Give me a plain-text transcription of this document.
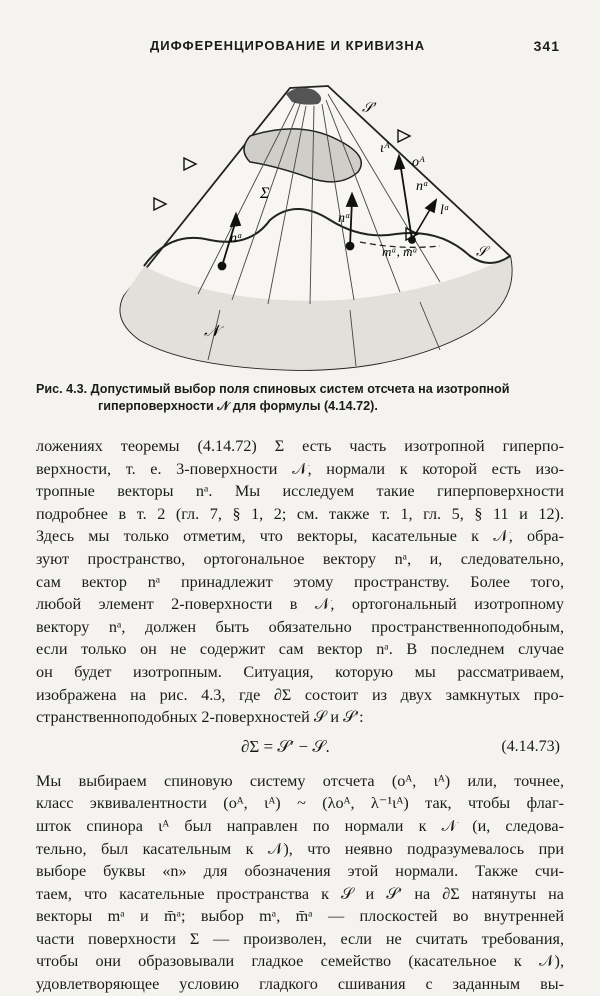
ДИФФЕРЕНЦИРОВАНИЕ И КРИВИЗНА	341
𝒮′
ιᴬ
oᴬ
nᵃ
lᵃ
Σ
nᵃ
nᵃ
mᵃ, m̄ᵃ	𝒮
𝒩
Рис. 4.3. Допустимый выбор поля спиновых систем отсчета на изотропной
гиперповерхности 𝒩 для формулы (4.14.72).

ложениях теоремы (4.14.72) Σ есть часть изотропной гиперпо-
верхности, т. е. 3-поверхности 𝒩, нормали к которой есть изо-
тропные векторы nᵃ. Мы исследуем такие гиперповерхности
подробнее в т. 2 (гл. 7, § 1, 2; см. также т. 1, гл. 5, § 11 и 12).
Здесь мы только отметим, что векторы, касательные к 𝒩, обра-
зуют пространство, ортогональное вектору nᵃ, и, следовательно,
сам вектор nᵃ принадлежит этому пространству. Более того,
любой элемент 2-поверхности в 𝒩, ортогональный изотропному
вектору nᵃ, должен быть обязательно пространственноподобным,
если только он не содержит сам вектор nᵃ. В последнем случае
он будет изотропным. Ситуация, которую мы рассматриваем,
изображена на рис. 4.3, где ∂Σ состоит из двух замкнутых про-
странственноподобных 2-поверхностей 𝒮 и 𝒮′:

∂Σ = 𝒮′ − 𝒮.	(4.14.73)

Мы выбираем спиновую систему отсчета (oᴬ, ιᴬ) или, точнее,
класс эквивалентности (oᴬ, ιᴬ) ~ (λoᴬ, λ⁻¹ιᴬ) так, чтобы флаг-
шток спинора ιᴬ был направлен по нормали к 𝒩 (и, следова-
тельно, был касательным к 𝒩), что неявно подразумевалось при
выборе буквы «n» для обозначения этой нормали. Также счи-
таем, что касательные пространства к 𝒮 и 𝒮′ на ∂Σ натянуты на
векторы mᵃ и m̄ᵃ; выбор mᵃ, m̄ᵃ — плоскостей во внутренней
части поверхности Σ — произволен, если не считать требования,
чтобы они образовывали гладкое семейство (касательное к 𝒩),
удовлетворяющее условию гладкого сшивания с заданным вы-
